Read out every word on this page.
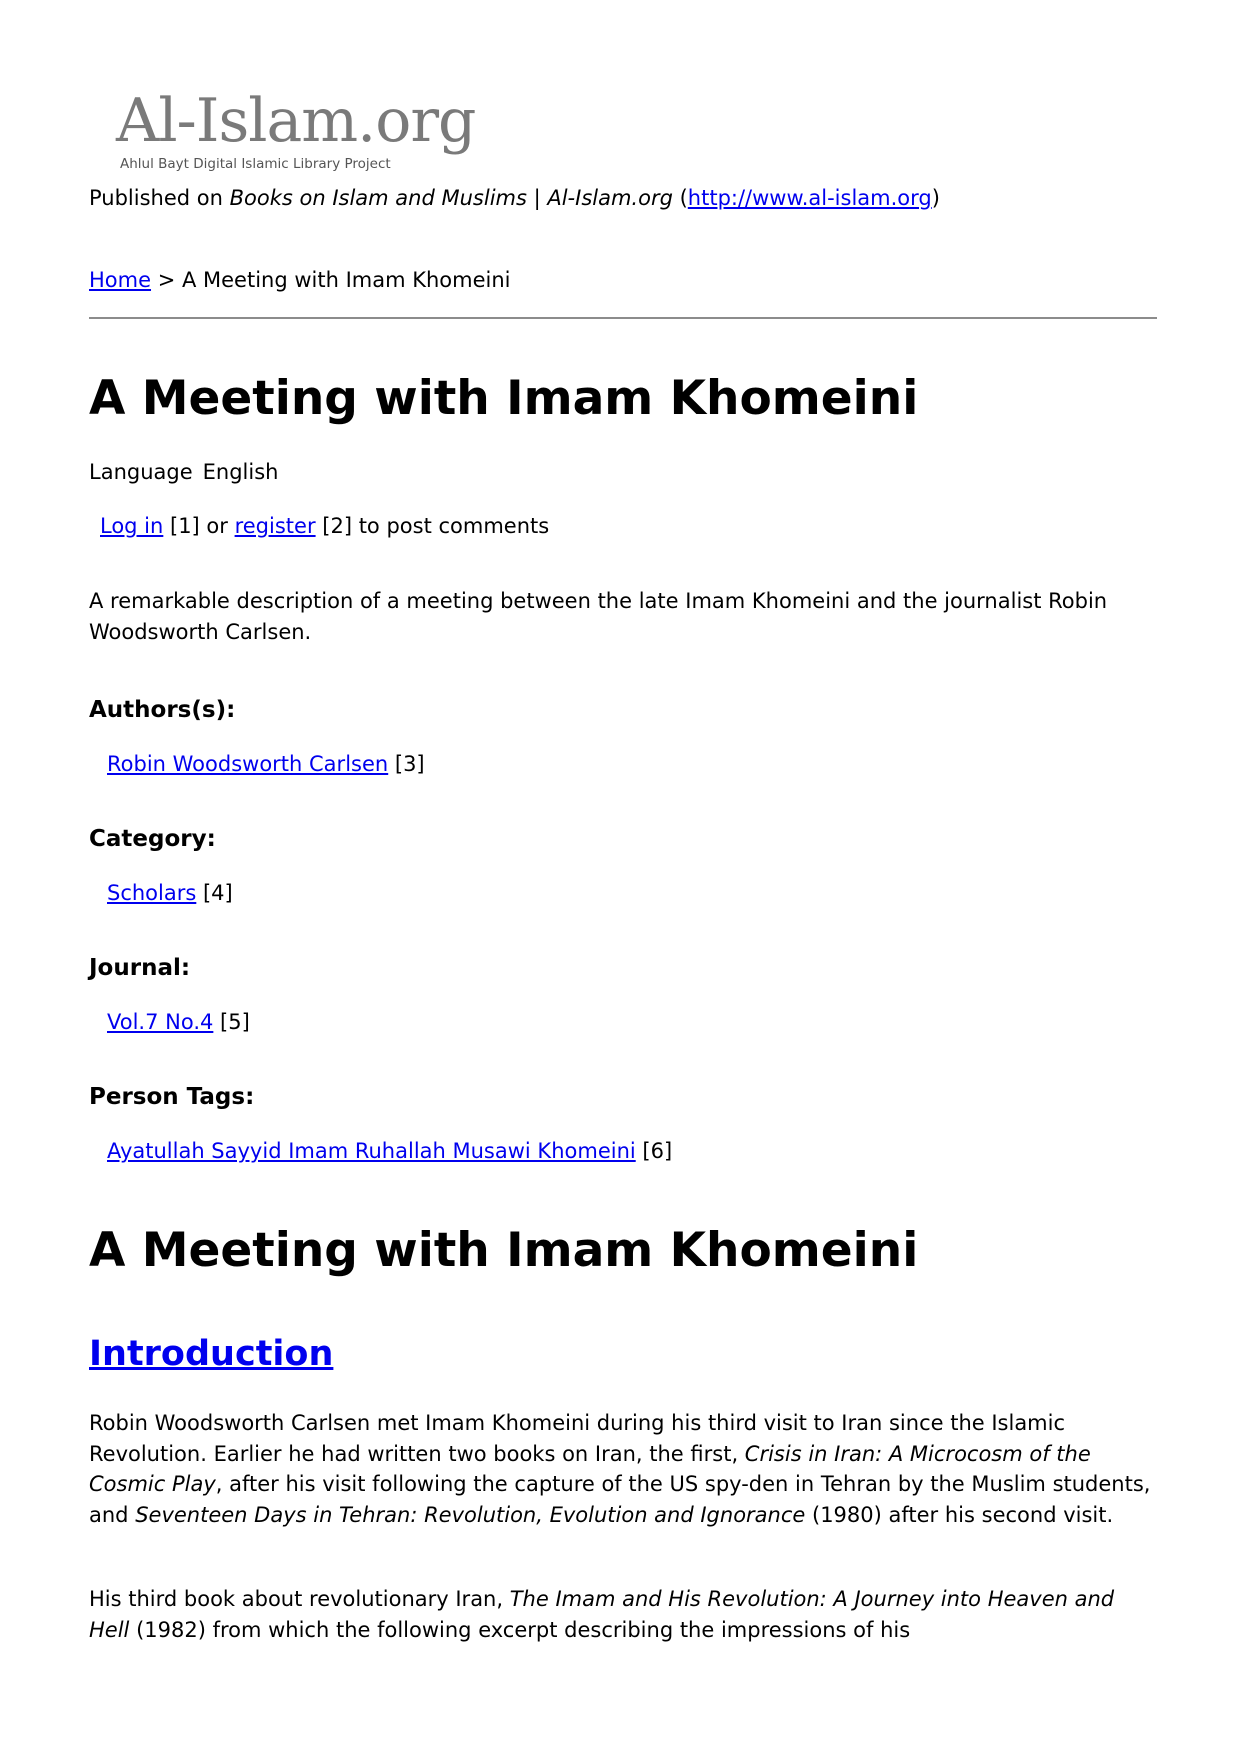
Al-Islam.org
Ahlul Bayt Digital Islamic Library Project
Published on Books on Islam and Muslims | Al-Islam.org (http://www.al-islam.org)
Home > A Meeting with Imam Khomeini
A Meeting with Imam Khomeini
Language English
Log in [1] or register [2] to post comments
A remarkable description of a meeting between the late Imam Khomeini and the journalist Robin Woodsworth Carlsen.
Authors(s):
Robin Woodsworth Carlsen [3]
Category:
Scholars [4]
Journal:
Vol.7 No.4 [5]
Person Tags:
Ayatullah Sayyid Imam Ruhallah Musawi Khomeini [6]
A Meeting with Imam Khomeini
Introduction
Robin Woodsworth Carlsen met Imam Khomeini during his third visit to Iran since the Islamic Revolution. Earlier he had written two books on Iran, the first, Crisis in Iran: A Microcosm of the Cosmic Play, after his visit following the capture of the US spy-den in Tehran by the Muslim students, and Seventeen Days in Tehran: Revolution, Evolution and Ignorance (1980) after his second visit.
His third book about revolutionary Iran, The Imam and His Revolution: A Journey into Heaven and Hell (1982) from which the following excerpt describing the impressions of his
